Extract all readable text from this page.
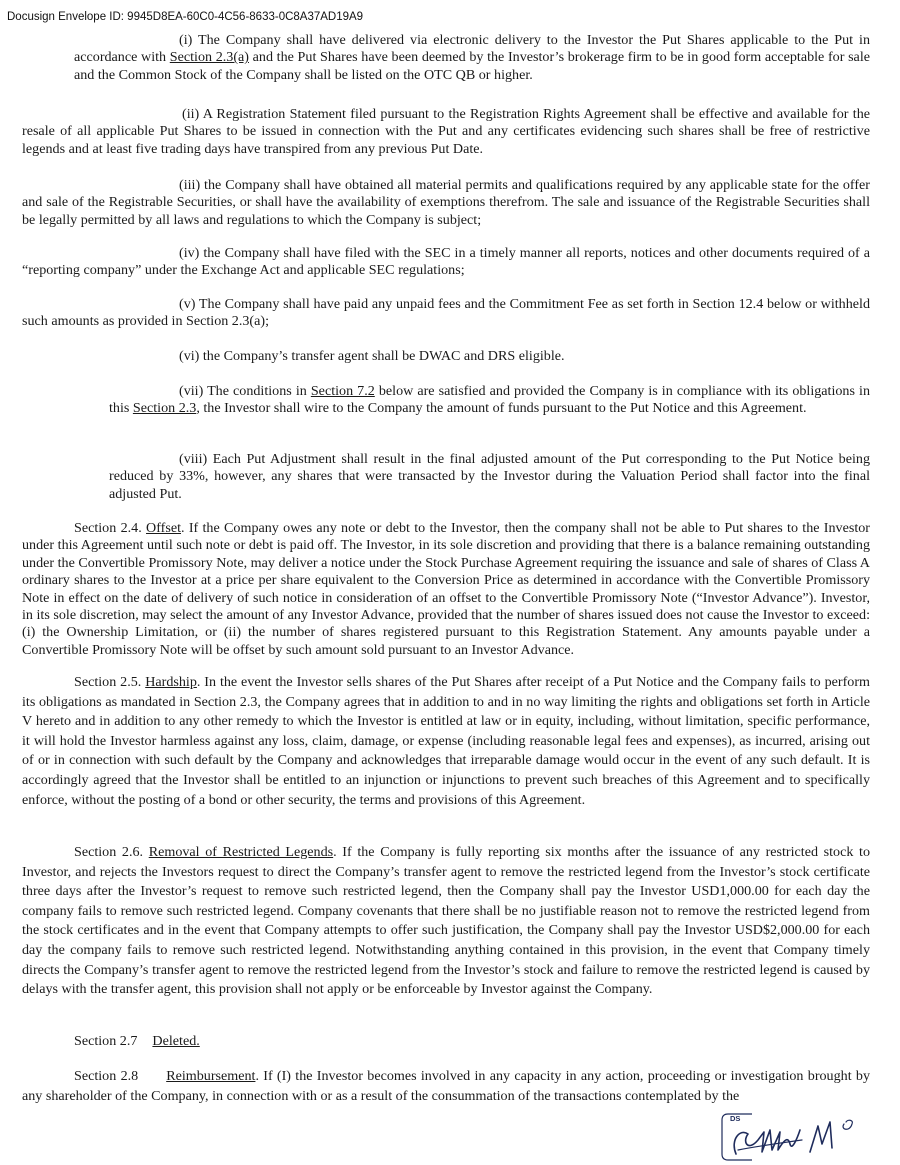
Docusign Envelope ID: 9945D8EA-60C0-4C56-8633-0C8A37AD19A9

(i) The Company shall have delivered via electronic delivery to the Investor the Put Shares applicable to the Put in accordance with Section 2.3(a) and the Put Shares have been deemed by the Investor’s brokerage firm to be in good form acceptable for sale and the Common Stock of the Company shall be listed on the OTC QB or higher.

(ii) A Registration Statement filed pursuant to the Registration Rights Agreement shall be effective and available for the resale of all applicable Put Shares to be issued in connection with the Put and any certificates evidencing such shares shall be free of restrictive legends and at least five trading days have transpired from any previous Put Date.

(iii) the Company shall have obtained all material permits and qualifications required by any applicable state for the offer and sale of the Registrable Securities, or shall have the availability of exemptions therefrom. The sale and issuance of the Registrable Securities shall be legally permitted by all laws and regulations to which the Company is subject;

(iv) the Company shall have filed with the SEC in a timely manner all reports, notices and other documents required of a “reporting company” under the Exchange Act and applicable SEC regulations;

(v) The Company shall have paid any unpaid fees and the Commitment Fee as set forth in Section 12.4 below or withheld such amounts as provided in Section 2.3(a);

(vi) the Company’s transfer agent shall be DWAC and DRS eligible.

(vii) The conditions in Section 7.2 below are satisfied and provided the Company is in compliance with its obligations in this Section 2.3, the Investor shall wire to the Company the amount of funds pursuant to the Put Notice and this Agreement.

(viii) Each Put Adjustment shall result in the final adjusted amount of the Put corresponding to the Put Notice being reduced by 33%, however, any shares that were transacted by the Investor during the Valuation Period shall factor into the final adjusted Put.

Section 2.4. Offset. If the Company owes any note or debt to the Investor, then the company shall not be able to Put shares to the Investor under this Agreement until such note or debt is paid off. The Investor, in its sole discretion and providing that there is a balance remaining outstanding under the Convertible Promissory Note, may deliver a notice under the Stock Purchase Agreement requiring the issuance and sale of shares of Class A ordinary shares to the Investor at a price per share equivalent to the Conversion Price as determined in accordance with the Convertible Promissory Note in effect on the date of delivery of such notice in consideration of an offset to the Convertible Promissory Note (“Investor Advance”). Investor, in its sole discretion, may select the amount of any Investor Advance, provided that the number of shares issued does not cause the Investor to exceed: (i) the Ownership Limitation, or (ii) the number of shares registered pursuant to this Registration Statement. Any amounts payable under a Convertible Promissory Note will be offset by such amount sold pursuant to an Investor Advance.

Section 2.5. Hardship. In the event the Investor sells shares of the Put Shares after receipt of a Put Notice and the Company fails to perform its obligations as mandated in Section 2.3, the Company agrees that in addition to and in no way limiting the rights and obligations set forth in Article V hereto and in addition to any other remedy to which the Investor is entitled at law or in equity, including, without limitation, specific performance, it will hold the Investor harmless against any loss, claim, damage, or expense (including reasonable legal fees and expenses), as incurred, arising out of or in connection with such default by the Company and acknowledges that irreparable damage would occur in the event of any such default. It is accordingly agreed that the Investor shall be entitled to an injunction or injunctions to prevent such breaches of this Agreement and to specifically enforce, without the posting of a bond or other security, the terms and provisions of this Agreement.

Section 2.6. Removal of Restricted Legends. If the Company is fully reporting six months after the issuance of any restricted stock to Investor, and rejects the Investors request to direct the Company’s transfer agent to remove the restricted legend from the Investor’s stock certificate three days after the Investor’s request to remove such restricted legend, then the Company shall pay the Investor USD1,000.00 for each day the company fails to remove such restricted legend. Company covenants that there shall be no justifiable reason not to remove the restricted legend from the stock certificates and in the event that Company attempts to offer such justification, the Company shall pay the Investor USD$2,000.00 for each day the company fails to remove such restricted legend. Notwithstanding anything contained in this provision, in the event that Company timely directs the Company’s transfer agent to remove the restricted legend from the Investor’s stock and failure to remove the restricted legend is caused by delays with the transfer agent, this provision shall not apply or be enforceable by Investor against the Company.

Section 2.7 Deleted.

Section 2.8 Reimbursement. If (I) the Investor becomes involved in any capacity in any action, proceeding or investigation brought by any shareholder of the Company, in connection with or as a result of the consummation of the transactions contemplated by the

DS
